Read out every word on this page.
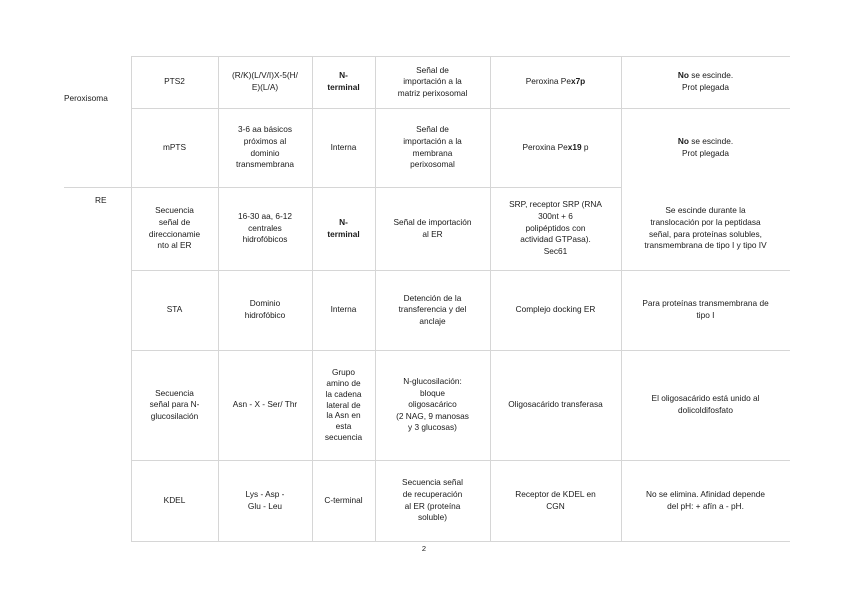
Peroxisoma
RE
PTS2
(R/K)(L/V/I)X-5(H/
E)(L/A)
N-
terminal
Señal de
importación a la
matriz perixosomal
Peroxina Pex7p
No se escinde.
Prot plegada
mPTS
3-6 aa básicos
próximos al
dominio
transmembrana
Interna
Señal de
importación a la
membrana
perixosomal
Peroxina Pex19 p
No se escinde.
Prot plegada
Secuencia
señal de
direccionamie
nto al ER
16-30 aa, 6-12
centrales
hidrofóbicos
N-
terminal
Señal de importación
al ER
SRP, receptor SRP (RNA
300nt + 6
polipéptidos con
actividad GTPasa).
Sec61
Se escinde durante la
translocación por la peptidasa
señal, para proteínas solubles,
transmembrana de tipo I y tipo IV
STA
Dominio
hidrofóbico
Interna
Detención de la
transferencia y del
anclaje
Complejo docking ER
Para proteínas transmembrana de
tipo I
Secuencia
señal para N-
glucosilación
Asn - X - Ser/ Thr
Grupo
amino de
la cadena
lateral de
la Asn en
esta
secuencia
N-glucosilación:
bloque
oligosacárico
(2 NAG, 9 manosas
y 3 glucosas)
Oligosacárido transferasa
El oligosacárido está unido al
dolicoldifosfato
KDEL
Lys - Asp -
Glu - Leu
C-terminal
Secuencia señal
de recuperación
al ER (proteína
soluble)
Receptor de KDEL en
CGN
No se elimina. Afinidad depende
del pH: + afín a - pH.
2
